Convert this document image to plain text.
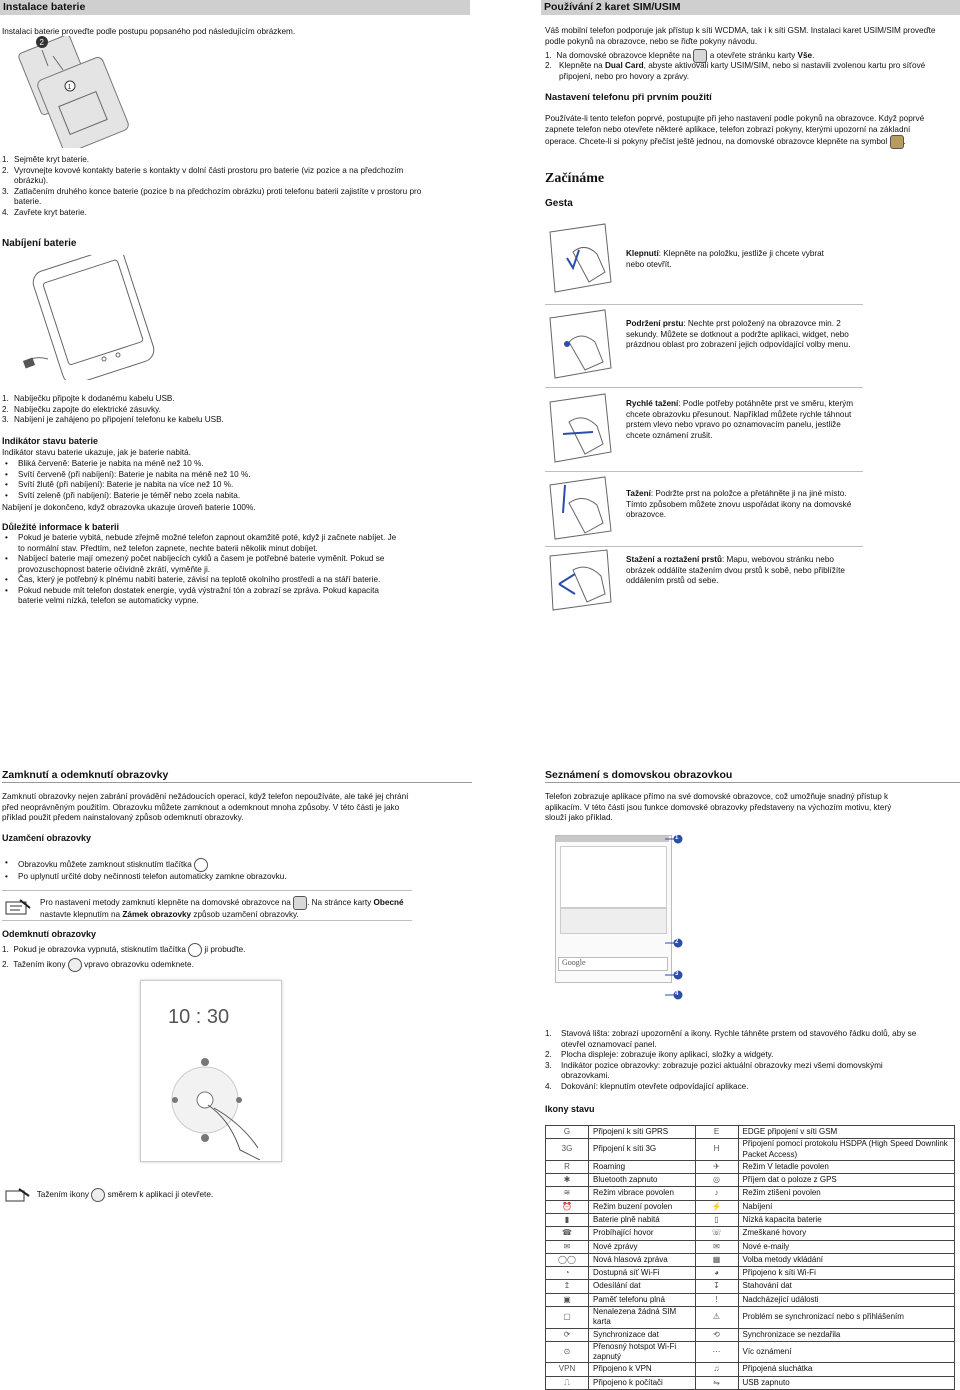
Instalace baterie
Instalaci baterie proveďte podle postupu popsaného pod následujícím obrázkem.
2
1
1. Sejměte kryt baterie.
2. Vyrovnejte kovové kontakty baterie s kontakty v dolní části prostoru pro baterie (viz pozice a na předchozím obrázku).
3. Zatlačením druhého konce baterie (pozice b na předchozím obrázku) proti telefonu baterii zajistíte v prostoru pro baterie.
4. Zavřete kryt baterie.
Nabíjení baterie
1. Nabíječku připojte k dodanému kabelu USB.
2. Nabíječku zapojte do elektrické zásuvky.
3. Nabíjení je zahájeno po připojení telefonu ke kabelu USB.
Indikátor stavu baterie
Indikátor stavu baterie ukazuje, jak je baterie nabitá.
• Bliká červeně: Baterie je nabita na méně než 10 %.
• Svítí červeně (při nabíjení): Baterie je nabita na méně než 10 %.
• Svítí žlutě (při nabíjení): Baterie je nabita na více než 10 %.
• Svítí zeleně (při nabíjení): Baterie je téměř nebo zcela nabita.
Nabíjení je dokončeno, když obrazovka ukazuje úroveň baterie 100%.
Důležité informace k baterii
• Pokud je baterie vybitá, nebude zřejmě možné telefon zapnout okamžitě poté, když ji začnete nabíjet. Je to normální stav. Předtím, než telefon zapnete, nechte baterii několik minut dobíjet.
• Nabíjecí baterie mají omezený počet nabíjecích cyklů a časem je potřebné baterie vyměnit. Pokud se provozuschopnost baterie očividně zkrátí, vyměňte ji.
• Čas, který je potřebný k plnému nabití baterie, závisí na teplotě okolního prostředí a na stáří baterie.
• Pokud nebude mít telefon dostatek energie, vydá výstražní tón a zobrazí se zpráva. Pokud kapacita baterie velmi nízká, telefon se automaticky vypne.
Používání 2 karet SIM/USIM
Váš mobilní telefon podporuje jak přístup k síti WCDMA, tak i k síti GSM. Instalaci karet USIM/SIM proveďte podle pokynů na obrazovce, nebo se řiďte pokyny návodu.
1. Na domovské obrazovce klepněte na a otevřete stránku karty Vše.
2. Klepněte na Dual Card, abyste aktivovali karty USIM/SIM, nebo si nastavili zvolenou kartu pro síťové připojení, nebo pro hovory a zprávy.
Nastavení telefonu při prvním použití
Používáte-li tento telefon poprvé, postupujte při jeho nastavení podle pokynů na obrazovce. Když poprvé zapnete telefon nebo otevřete některé aplikace, telefon zobrazí pokyny, kterými upozorní na základní operace. Chcete-li si pokyny přečíst ještě jednou, na domovské obrazovce klepněte na symbol .
Začínáme
Gesta
Klepnutí: Klepněte na položku, jestliže ji chcete vybrat nebo otevřít.
Podržení prstu: Nechte prst položený na obrazovce min. 2 sekundy. Můžete se dotknout a podržte aplikaci, widget, nebo prázdnou oblast pro zobrazení jejich odpovídající volby menu.
Rychlé tažení: Podle potřeby potáhněte prst ve směru, kterým chcete obrazovku přesunout. Například můžete rychle táhnout prstem vlevo nebo vpravo po oznamovacím panelu, jestliže chcete oznámení zrušit.
Tažení: Podržte prst na položce a přetáhněte ji na jiné místo. Tímto způsobem můžete znovu uspořádat ikony na domovské obrazovce.
Stažení a roztažení prstů: Mapu, webovou stránku nebo obrázek oddálíte stažením dvou prstů k sobě, nebo přiblížíte oddálením prstů od sebe.
Zamknutí a odemknutí obrazovky
Zamknutí obrazovky nejen zabrání provádění nežádoucích operací, když telefon nepoužíváte, ale také jej chrání před neoprávněným použitím. Obrazovku můžete zamknout a odemknout mnoha způsoby. V této části je jako příklad použit předem nainstalovaný způsob odemknutí obrazovky.
Uzamčení obrazovky
• Obrazovku můžete zamknout stisknutím tlačítka
• Po uplynutí určité doby nečinnosti telefon automaticky zamkne obrazovku.
Pro nastavení metody zamknutí klepněte na domovské obrazovce na . Na stránce karty Obecné nastavte klepnutím na Zámek obrazovky způsob uzamčení obrazovky.
Odemknutí obrazovky
1. Pokud je obrazovka vypnutá, stisknutím tlačítka ji probuďte.
2. Tažením ikony vpravo obrazovku odemknete.
10 : 30
Tažením ikony směrem k aplikaci ji otevřete.
Seznámení s domovskou obrazovkou
Telefon zobrazuje aplikace přímo na své domovské obrazovce, což umožňuje snadný přístup k aplikacím. V této části jsou funkce domovské obrazovky představeny na výchozím motivu, který slouží jako příklad.
Google
1
2
3
4
1. Stavová lišta: zobrazí upozornění a ikony. Rychle táhněte prstem od stavového řádku dolů, aby se otevřel oznamovací panel.
2. Plocha displeje: zobrazuje ikony aplikací, složky a widgety.
3. Indikátor pozice obrazovky: zobrazuje pozici aktuální obrazovky mezi všemi domovskými obrazovkami.
4. Dokování: klepnutím otevřete odpovídající aplikace.
Ikony stavu
G	Připojení k síti GPRS	E	EDGE připojení v síti GSM
3G	Připojení k síti 3G	H	Připojení pomocí protokolu HSDPA (High Speed Downlink Packet Access)
R	Roaming	✈	Režim V letadle povolen
✱	Bluetooth zapnuto	◎	Příjem dat o poloze z GPS
≋	Režim vibrace povolen	♪	Režim ztišení povolen
⏰	Režim buzení povolen	⚡	Nabíjení
▮	Baterie plně nabitá	▯	Nízká kapacita baterie
☎	Probíhající hovor	☏	Zmeškané hovory
✉	Nové zprávy	✉	Nové e-maily
◯◯	Nová hlasová zpráva	▦	Volba metody vkládání
◔	Dostupná síť Wi-Fi	◕	Připojeno k síti Wi-Fi
↥	Odesílání dat	↧	Stahování dat
▣	Paměť telefonu plná	!	Nadcházející události
▢	Nenalezena žádná SIM karta	⚠	Problém se synchronizací nebo s přihlášením
⟳	Synchronizace dat	⟲	Synchronizace se nezdařila
⊙	Přenosný hotspot Wi-Fi zapnutý	⋯	Víc oznámení
VPN	Připojeno k VPN	♫	Připojená sluchátka
⎍	Připojeno k počítači	⇋	USB zapnuto
